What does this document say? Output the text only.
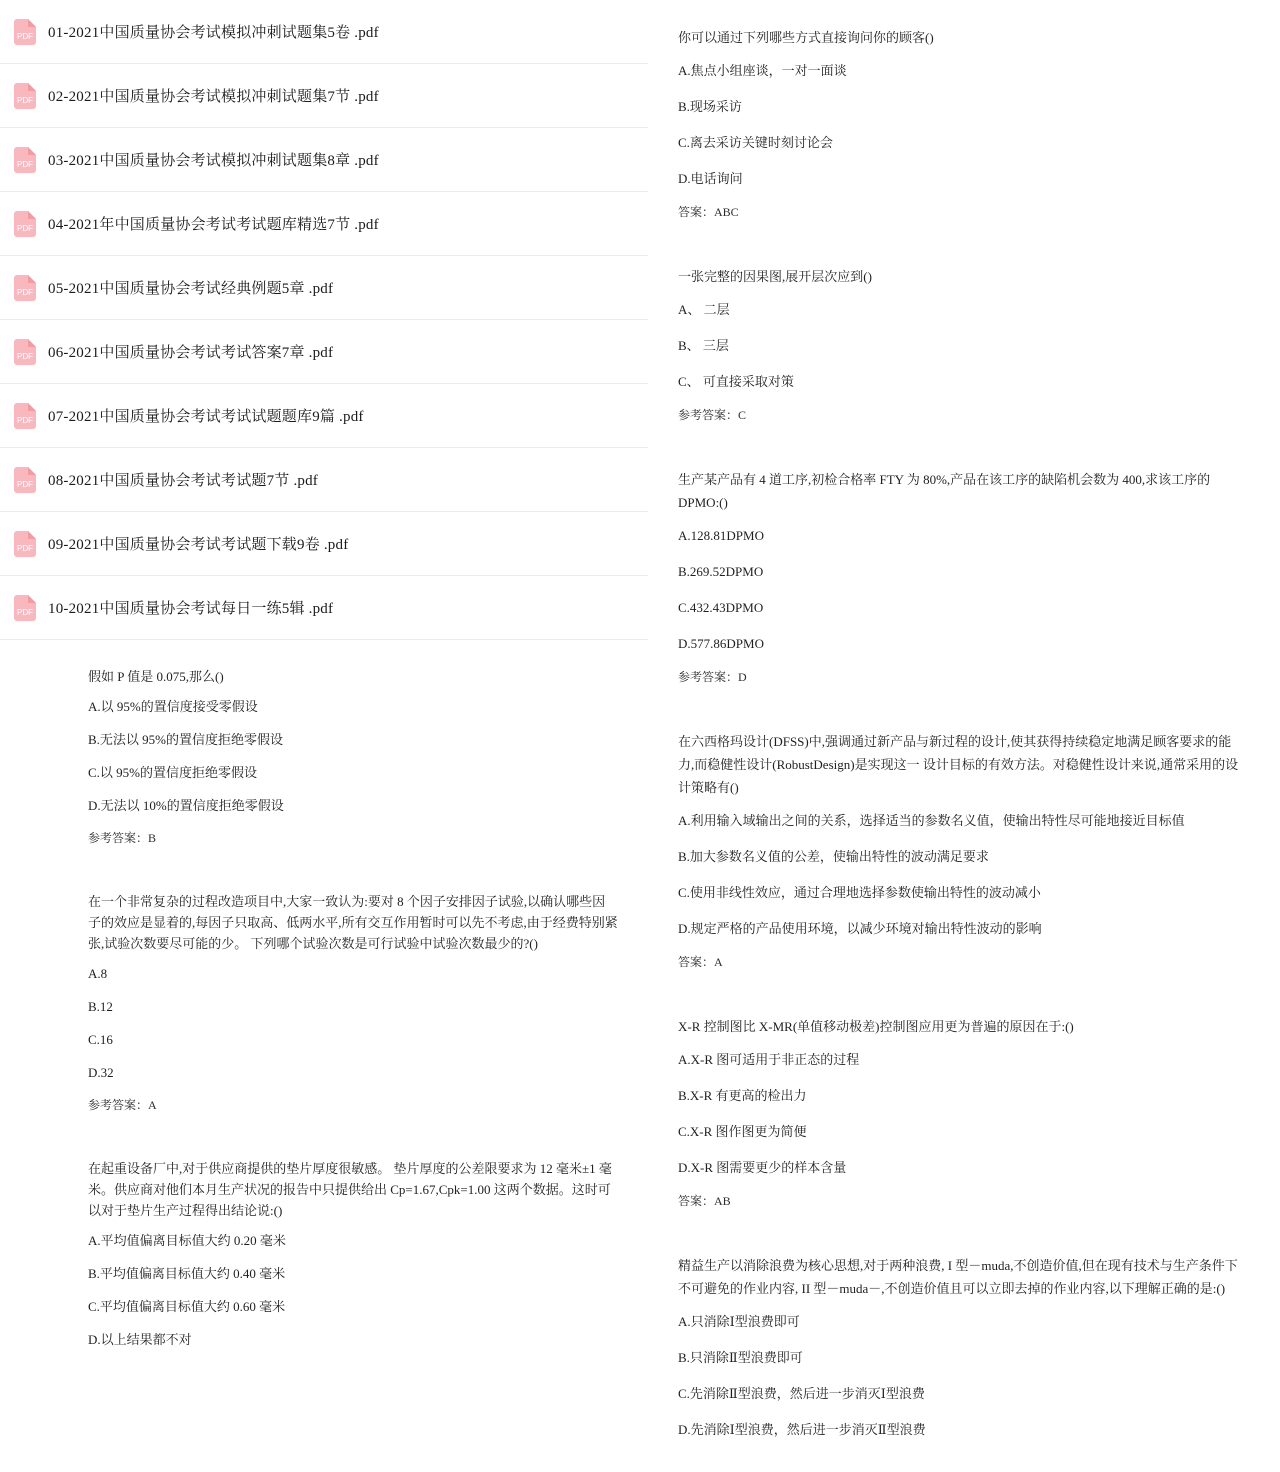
PDF 01-2021中国质量协会考试模拟冲刺试题集5卷 .pdf
PDF 02-2021中国质量协会考试模拟冲刺试题集7节 .pdf
PDF 03-2021中国质量协会考试模拟冲刺试题集8章 .pdf
PDF 04-2021年中国质量协会考试考试题库精选7节 .pdf
PDF 05-2021中国质量协会考试经典例题5章 .pdf
PDF 06-2021中国质量协会考试考试答案7章 .pdf
PDF 07-2021中国质量协会考试考试试题题库9篇 .pdf
PDF 08-2021中国质量协会考试考试题7节 .pdf
PDF 09-2021中国质量协会考试考试题下载9卷 .pdf
PDF 10-2021中国质量协会考试每日一练5辑 .pdf
假如 P 值是 0.075,那么()
A.以 95%的置信度接受零假设
B.无法以 95%的置信度拒绝零假设
C.以 95%的置信度拒绝零假设
D.无法以 10%的置信度拒绝零假设
参考答案：B
在一个非常复杂的过程改造项目中,大家一致认为:要对 8 个因子安排因子试验,以确认哪些因子的效应是显着的,每因子只取高、低两水平,所有交互作用暂时可以先不考虑,由于经费特别紧张,试验次数要尽可能的少。 下列哪个试验次数是可行试验中试验次数最少的?()
A.8
B.12
C.16
D.32
参考答案：A
在起重设备厂中,对于供应商提供的垫片厚度很敏感。 垫片厚度的公差限要求为 12 毫米±1 毫米。供应商对他们本月生产状况的报告中只提供给出 Cp=1.67,Cpk=1.00 这两个数据。这时可以对于垫片生产过程得出结论说:()
A.平均值偏离目标值大约 0.20 毫米
B.平均值偏离目标值大约 0.40 毫米
C.平均值偏离目标值大约 0.60 毫米
D.以上结果都不对
你可以通过下列哪些方式直接询问你的顾客()
A.焦点小组座谈，一对一面谈
B.现场采访
C.离去采访关键时刻讨论会
D.电话询问
答案：ABC
一张完整的因果图,展开层次应到()
A、 二层
B、 三层
C、 可直接采取对策
参考答案：C
生产某产品有 4 道工序,初检合格率 FTY 为 80%,产品在该工序的缺陷机会数为 400,求该工序的 DPMO:()
A.128.81DPMO
B.269.52DPMO
C.432.43DPMO
D.577.86DPMO
参考答案：D
在六西格玛设计(DFSS)中,强调通过新产品与新过程的设计,使其获得持续稳定地满足顾客要求的能力,而稳健性设计(RobustDesign)是实现这一 设计目标的有效方法。对稳健性设计来说,通常采用的设计策略有()
A.利用输入域输出之间的关系，选择适当的参数名义值，使输出特性尽可能地接近目标值
B.加大参数名义值的公差，使输出特性的波动满足要求
C.使用非线性效应，通过合理地选择参数使输出特性的波动减小
D.规定严格的产品使用环境，以减少环境对输出特性波动的影响
答案：A
X-R 控制图比 X-MR(单值移动极差)控制图应用更为普遍的原因在于:()
A.X-R 图可适用于非正态的过程
B.X-R 有更高的检出力
C.X-R 图作图更为简便
D.X-R 图需要更少的样本含量
答案：AB
精益生产以消除浪费为核心思想,对于两种浪费, I 型－muda,不创造价值,但在现有技术与生产条件下不可避免的作业内容, II 型－muda－,不创造价值且可以立即去掉的作业内容,以下理解正确的是:()
A.只消除Ⅰ型浪费即可
B.只消除Ⅱ型浪费即可
C.先消除Ⅱ型浪费，然后进一步消灭Ⅰ型浪费
D.先消除Ⅰ型浪费，然后进一步消灭Ⅱ型浪费
